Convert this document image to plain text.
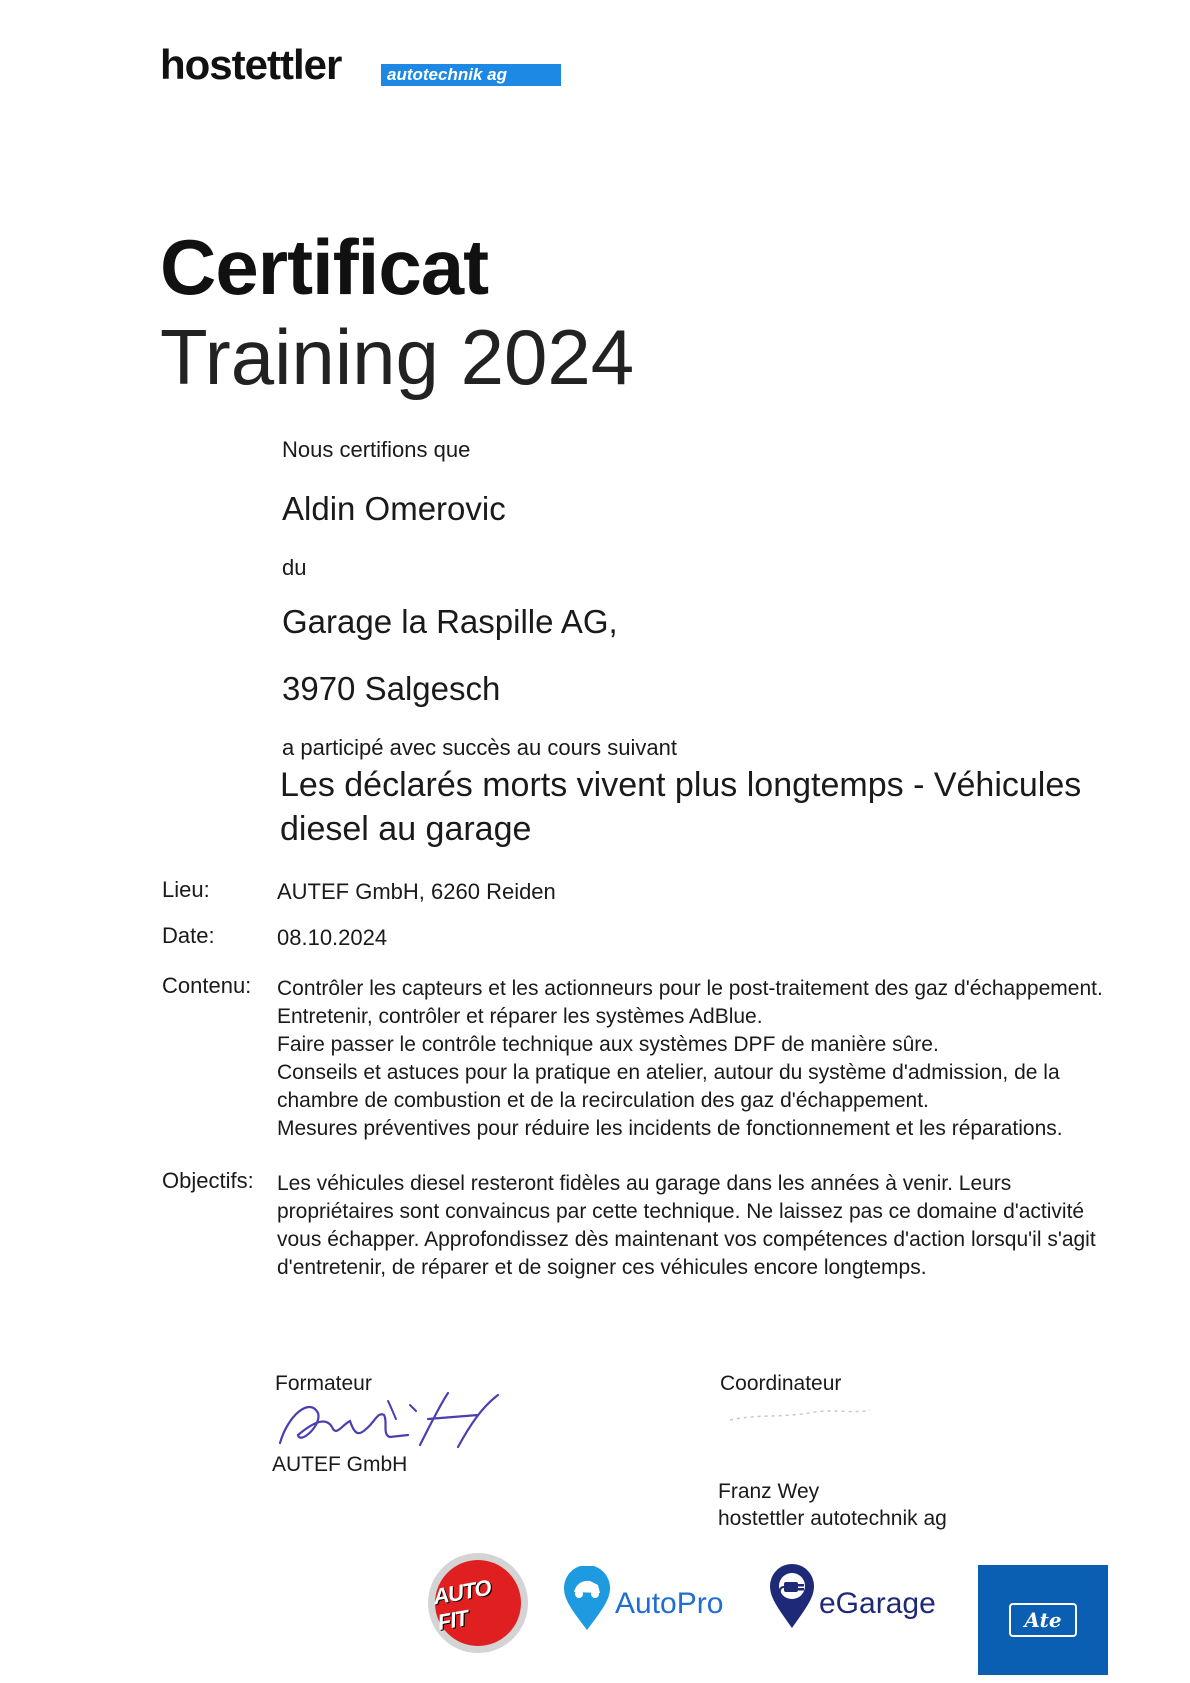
hostettler	autotechnik ag
Certificat
Training 2024
Nous certifions que
Aldin Omerovic
du
Garage la Raspille AG,
3970 Salgesch
a participé avec succès au cours suivant
Les déclarés morts vivent plus longtemps - Véhicules
diesel au garage
Lieu:	AUTEF GmbH, 6260 Reiden
Date:	08.10.2024
Contenu: Contrôler les capteurs et les actionneurs pour le post-traitement des gaz d'échappement.
Entretenir, contrôler et réparer les systèmes AdBlue.
Faire passer le contrôle technique aux systèmes DPF de manière sûre.
Conseils et astuces pour la pratique en atelier, autour du système d'admission, de la
chambre de combustion et de la recirculation des gaz d'échappement.
Mesures préventives pour réduire les incidents de fonctionnement et les réparations.
Objectifs: Les véhicules diesel resteront fidèles au garage dans les années à venir. Leurs
propriétaires sont convaincus par cette technique. Ne laissez pas ce domaine d'activité
vous échapper. Approfondissez dès maintenant vos compétences d'action lorsqu'il s'agit
d'entretenir, de réparer et de soigner ces véhicules encore longtemps.
Formateur
AUTEF GmbH
Coordinateur
Franz Wey
hostettler autotechnik ag
AUTO FIT
AutoPro	eGarage	Ate
